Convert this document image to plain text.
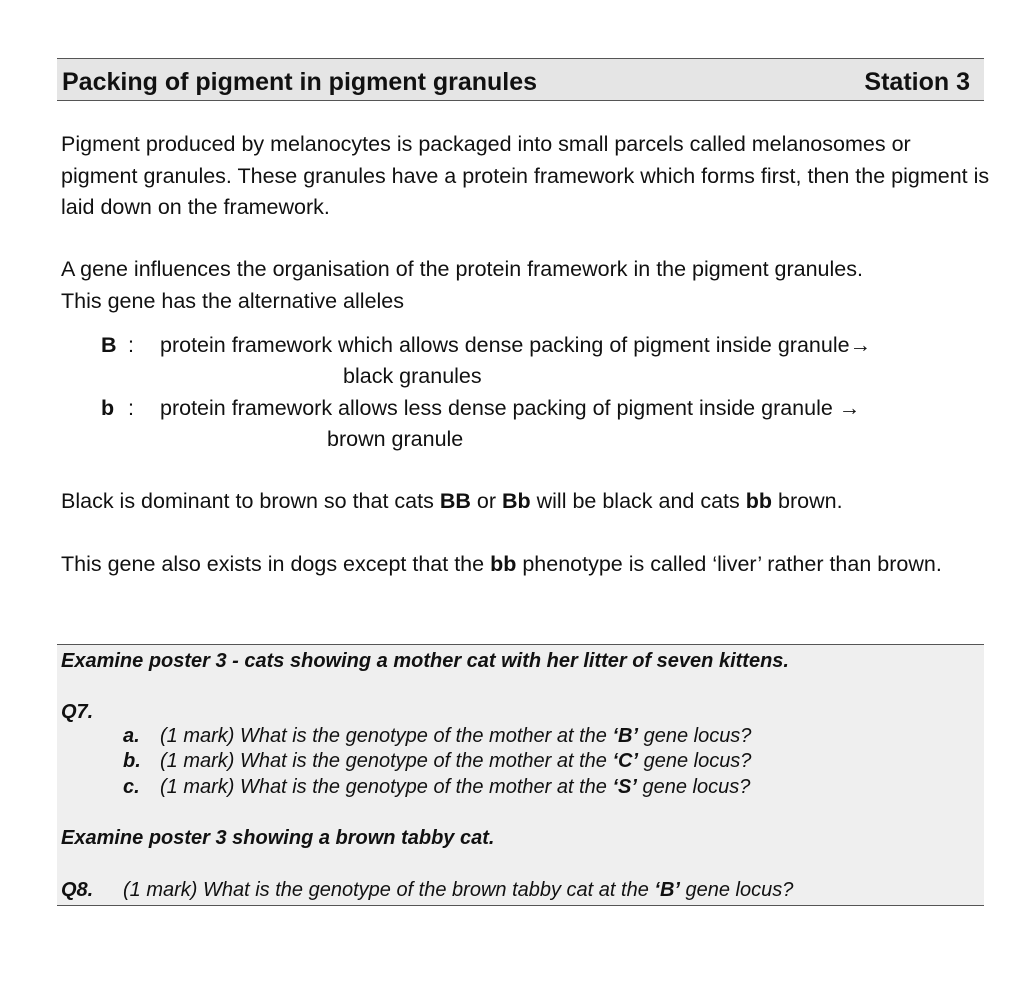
Packing of pigment in pigment granules	Station 3
Pigment produced by melanocytes is packaged into small parcels called melanosomes or pigment granules. These granules have a protein framework which forms first, then the pigment is laid down on the framework.
A gene influences the organisation of the protein framework in the pigment granules.
This gene has the alternative alleles
B : protein framework which allows dense packing of pigment inside granule→
black granules
b : protein framework allows less dense packing of pigment inside granule →
brown granule
Black is dominant to brown so that cats BB or Bb will be black and cats bb brown.
This gene also exists in dogs except that the bb phenotype is called ‘liver’ rather than brown.
Examine poster 3 - cats showing a mother cat with her litter of seven kittens.
Q7.
a. (1 mark) What is the genotype of the mother at the ‘B’ gene locus?
b. (1 mark) What is the genotype of the mother at the ‘C’ gene locus?
c. (1 mark) What is the genotype of the mother at the ‘S’ gene locus?
Examine poster 3 showing a brown tabby cat.
Q8. (1 mark) What is the genotype of the brown tabby cat at the ‘B’ gene locus?
